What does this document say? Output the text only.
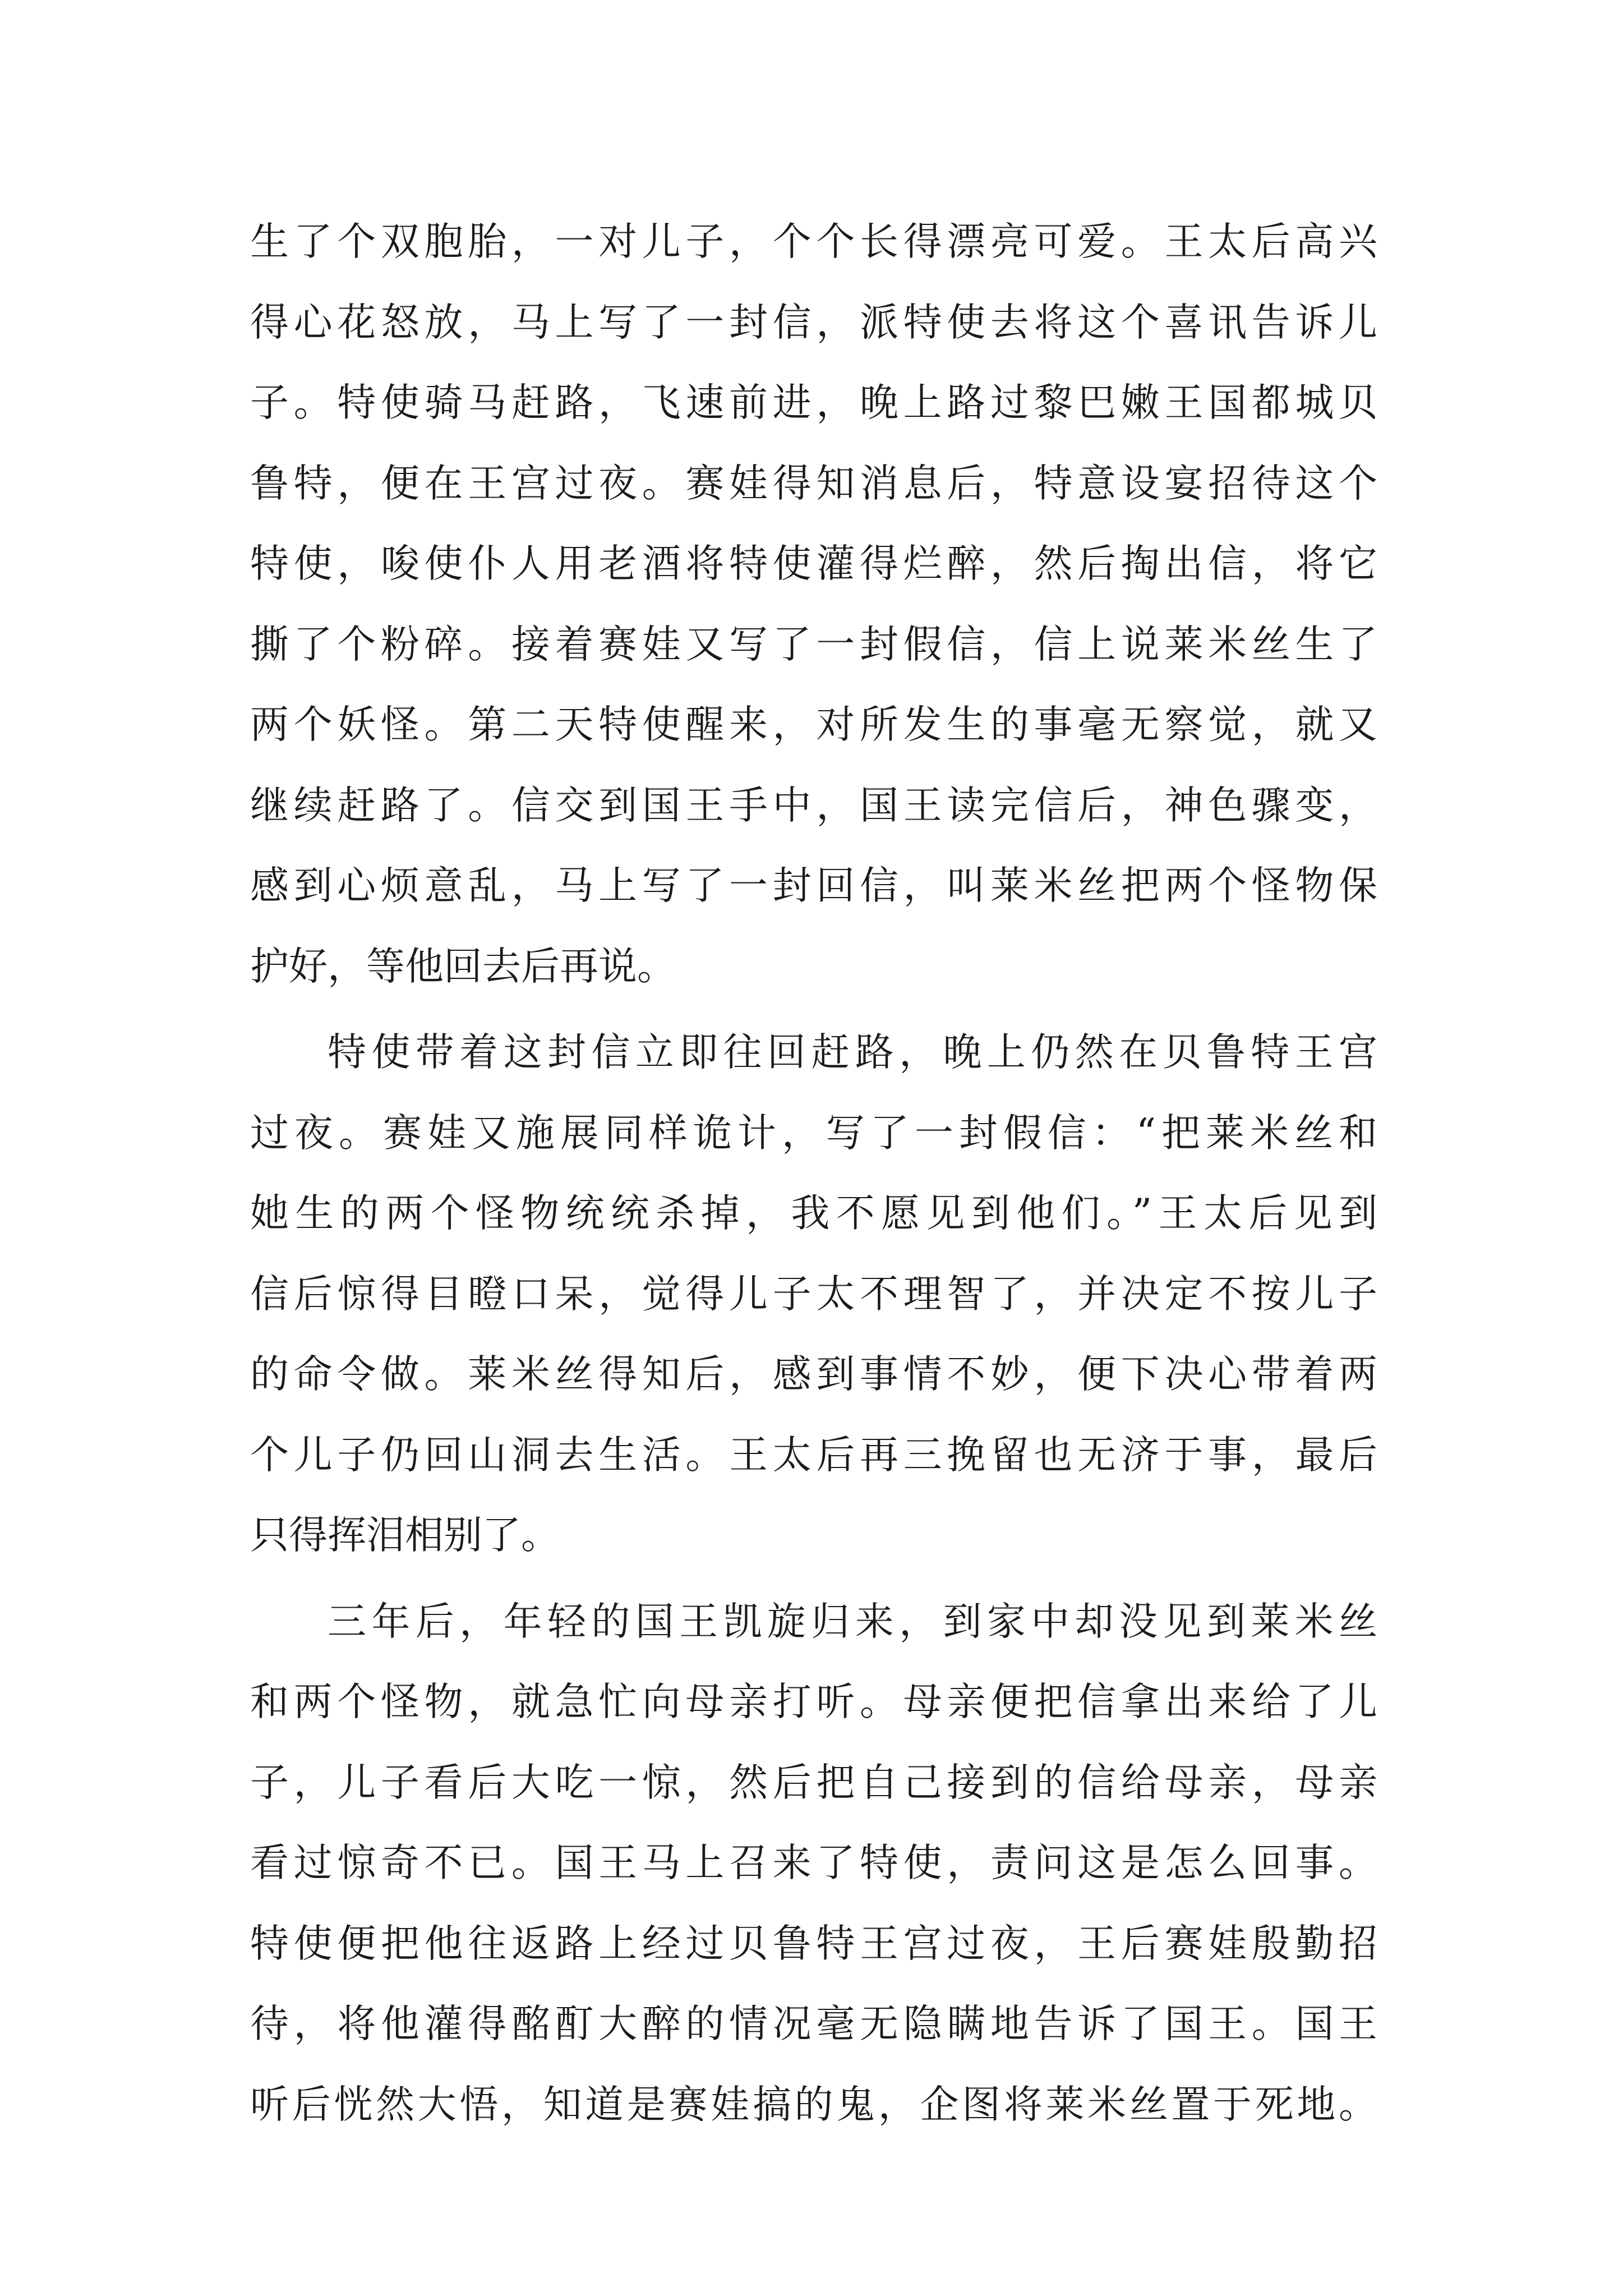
生了个双胞胎，一对儿子，个个长得漂亮可爱。王太后高兴
得心花怒放，马上写了一封信，派特使去将这个喜讯告诉儿
子。特使骑马赶路，飞速前进，晚上路过黎巴嫩王国都城贝
鲁特，便在王宫过夜。赛娃得知消息后，特意设宴招待这个
特使，唆使仆人用老酒将特使灌得烂醉，然后掏出信，将它
撕了个粉碎。接着赛娃又写了一封假信，信上说莱米丝生了
两个妖怪。第二天特使醒来，对所发生的事毫无察觉，就又
继续赶路了。信交到国王手中，国王读完信后，神色骤变，
感到心烦意乱，马上写了一封回信，叫莱米丝把两个怪物保
护好，等他回去后再说。
特使带着这封信立即往回赶路，晚上仍然在贝鲁特王宫
过夜。赛娃又施展同样诡计，写了一封假信：“把莱米丝和
她生的两个怪物统统杀掉，我不愿见到他们。”王太后见到
信后惊得目瞪口呆，觉得儿子太不理智了，并决定不按儿子
的命令做。莱米丝得知后，感到事情不妙，便下决心带着两
个儿子仍回山洞去生活。王太后再三挽留也无济于事，最后
只得挥泪相别了。
三年后，年轻的国王凯旋归来，到家中却没见到莱米丝
和两个怪物，就急忙向母亲打听。母亲便把信拿出来给了儿
子，儿子看后大吃一惊，然后把自己接到的信给母亲，母亲
看过惊奇不已。国王马上召来了特使，责问这是怎么回事。
特使便把他往返路上经过贝鲁特王宫过夜，王后赛娃殷勤招
待，将他灌得酩酊大醉的情况毫无隐瞒地告诉了国王。国王
听后恍然大悟，知道是赛娃搞的鬼，企图将莱米丝置于死地。
